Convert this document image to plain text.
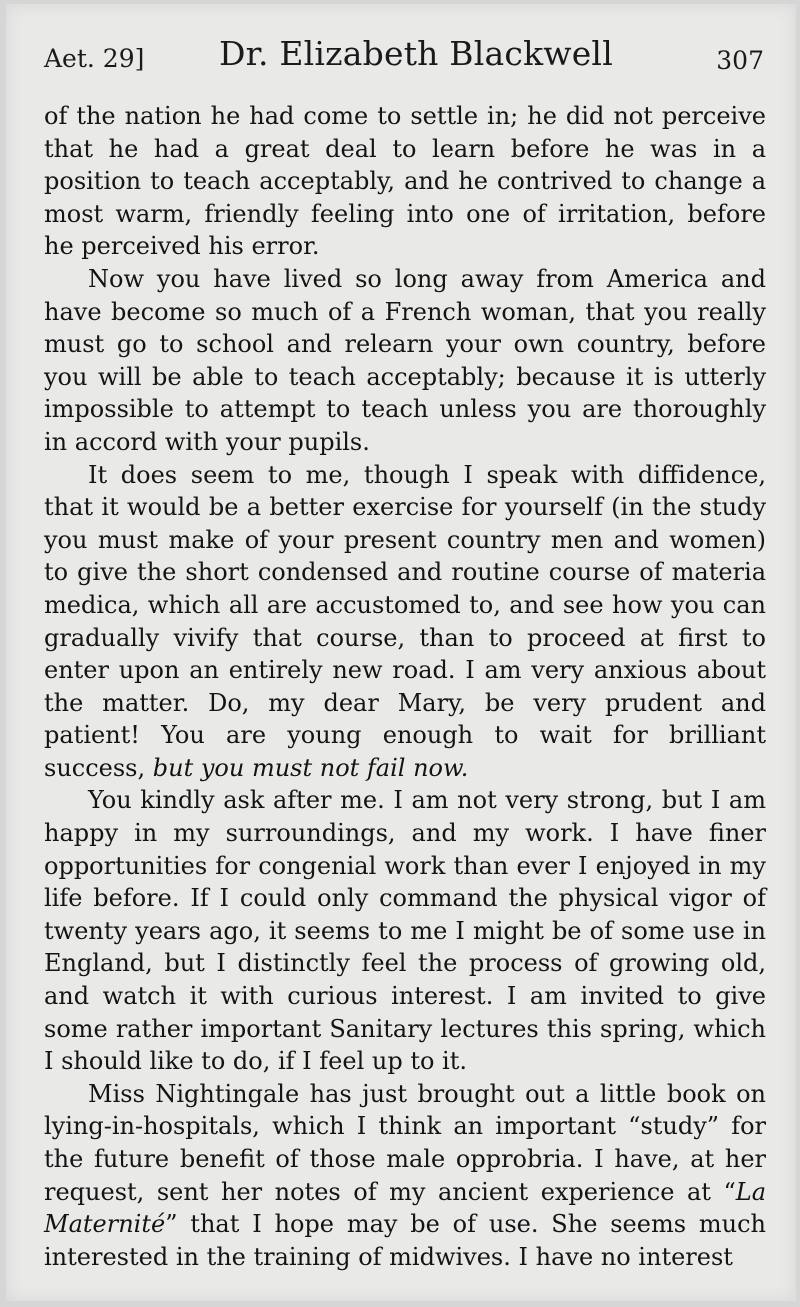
Aet. 29] Dr. Elizabeth Blackwell	307

of the nation he had come to settle in; he did not perceive that he had a great deal to learn before he was in a position to teach acceptably, and he contrived to change a most warm, friendly feeling into one of irritation, before he perceived his error.

Now you have lived so long away from America and have become so much of a French woman, that you really must go to school and relearn your own country, before you will be able to teach acceptably; because it is utterly impossible to attempt to teach unless you are thoroughly in accord with your pupils.

It does seem to me, though I speak with diffidence, that it would be a better exercise for yourself (in the study you must make of your present country men and women) to give the short condensed and routine course of materia medica, which all are accustomed to, and see how you can gradually vivify that course, than to proceed at first to enter upon an entirely new road. I am very anxious about the matter. Do, my dear Mary, be very prudent and patient! You are young enough to wait for brilliant success, but you must not fail now.

You kindly ask after me. I am not very strong, but I am happy in my surroundings, and my work. I have finer opportunities for congenial work than ever I enjoyed in my life before. If I could only command the physical vigor of twenty years ago, it seems to me I might be of some use in England, but I distinctly feel the process of growing old, and watch it with curious interest. I am invited to give some rather important Sanitary lectures this spring, which I should like to do, if I feel up to it.

Miss Nightingale has just brought out a little book on lying-in-hospitals, which I think an important “study” for the future benefit of those male opprobria. I have, at her request, sent her notes of my ancient experience at “La Maternité” that I hope may be of use. She seems much interested in the training of midwives. I have no interest
